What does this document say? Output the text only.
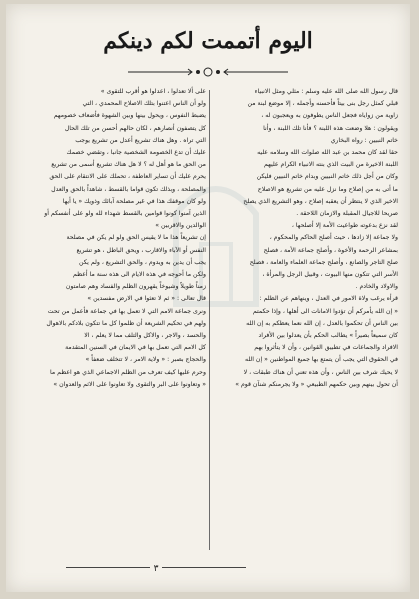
اليوم أتممت لكم دينكم

قال رسول الله صلى الله عليه وسلم : مثلي ومثل الانبياء

قبلي كمثل رجل بنى بيتاً فأحسنه وأجمله ، إلا موضع لبنة من

زاوية من زواياه فجعل الناس يطوفون به ويعجبون له ،

ويقولون : هلا وضعت هذه اللبنة ؟ فأنا تلك اللبنة ، وأنا

خاتم النبيين : رواه البخاري

حقا لقد كان محمد بن عبد الله صلوات الله وسلامه عليه

اللبنة الاخيرة من البيت الذي بنته الانبياء الكرام عليهم

وكان من أجل ذلك خاتم النبيين وبدام خاتم النبيين فليكن

ما أتى به من إصلاح وما نزل عليه من تشريع هو الاصلاح

الاخير الذي لا ينتظر أن يعقبه إصلاح ، وهو التشريع الذي يصلح

صريحا للاجيال المقبلة والازمان اللاحقة .

لقد نزع بدعوته طواعيت الأمة إلا أصلحها ،

ولا جماعة إلا زادها ، حيث أصلح الحاكم والمحكوم ،

بمشاعر الرحمة والأخوة ، وأصلح جماعة الأمة ، فصلح

صلح التاجر والصانع ، وأصلح جماعة العلماء والعامة ، فصلح

الأسر التي تتكون منها البيوت ، وقبيل الرجل والمرأة ،

والاولاد والخادم .

قرأه يرغب ولاة الامور في العدل ، وينهاهم عن الظلم :

« إن الله يأمركم أن تؤدوا الامانات الى أهلها ، وإذا حكمتم

بين الناس أن تحكموا بالعدل ، إن الله نعما يعظكم به إن الله

كان سميعاً بصيراً » يطالب الحكم بأن يعدلوا بين الأفراد

الافراد والجماعات في تطبيق القوانين ، وأن لا يتأثروا بهم

في الحقوق التي يجب أن يتمتع بها جميع المواطنين « إن الله

لا يحيك شرف بين الناس ، وأن هذه تعني أن هناك طبقات ، لا

أن تحول بينهم وبين حكمهم الطبيعي « ولا يجرمنكم شنآن قوم »

على ألا تعدلوا ، اعدلوا هو أقرب للتقوى »

ولو أن الناس اعتنوا بتلك الاصلاح المحمدي ، التي

يضبط النفوس ، ويحول بينها وبين الشهوة فأضعاف خصومهم

كل يتصفون أنصارهم ، لكان حالهم أحسن من تلك الحال

التي تراه . وهل هناك تشريع أعدل من تشريع يوجب

عليك أن تدع الخصومة الشخصية جانبا ، وتقضي خصمك

من الحق ما هو أهل له ؟ لا هل هناك تشريع أسمى من تشريع

يحرم عليك أن تساير العاطفة ، تحملك على الانتقام على الحق

والمصلحة ، وبذلك تكون قواما بالقسط ، شاهداً بالحق والعدل

ولو كان موقفك هذا في غير مصلحة آبائك وذويك « يا أيها

الذين آمنوا كونوا قوامين بالقسط شهداء لله ولو على أنفسكم أو

الوالدين والاقربين »

إن تشريعاً هذا ما لا يقيس الحق ولو لم يكن في مصلحة

النفس أو الآباء والاقارب ، ويحق الباطل ، هو تشريع

يجب أن يدين به ويدوم ، والحق التشريع ، ولم يكن

ولكن ما أحوجه في هذه الايام الى هذه سنة ما أعظم

زمناً طويلاً وشيوخاً يقهرون الظلم والفساد وهم صامتون

قال تعالى : « ثم لا تعثوا في الارض مفسدين »

ونرى جماعة الامم التي لا تعمل بها في جماعة فأعمل من تحت

ولهم في تحكيم الشريعة أن ظلموا كل ما تتكون بلادكم بالاهوال

والحسد ، والاجر ، والاكل والتلف مما لا يعلم ، الا

كل الامم التي تعمل بها في الايمان في السنين المتقدمة

والحجاج بصبر : « ولاية الامر ، لا تتخلف ضعفاً »

وحرم عليها كيف تعرف من الظلم الاجماعي الذي هو اعظم ما

« وتعاونوا على البر والتقوى ولا تعاونوا على الاثم والعدوان »

٣
